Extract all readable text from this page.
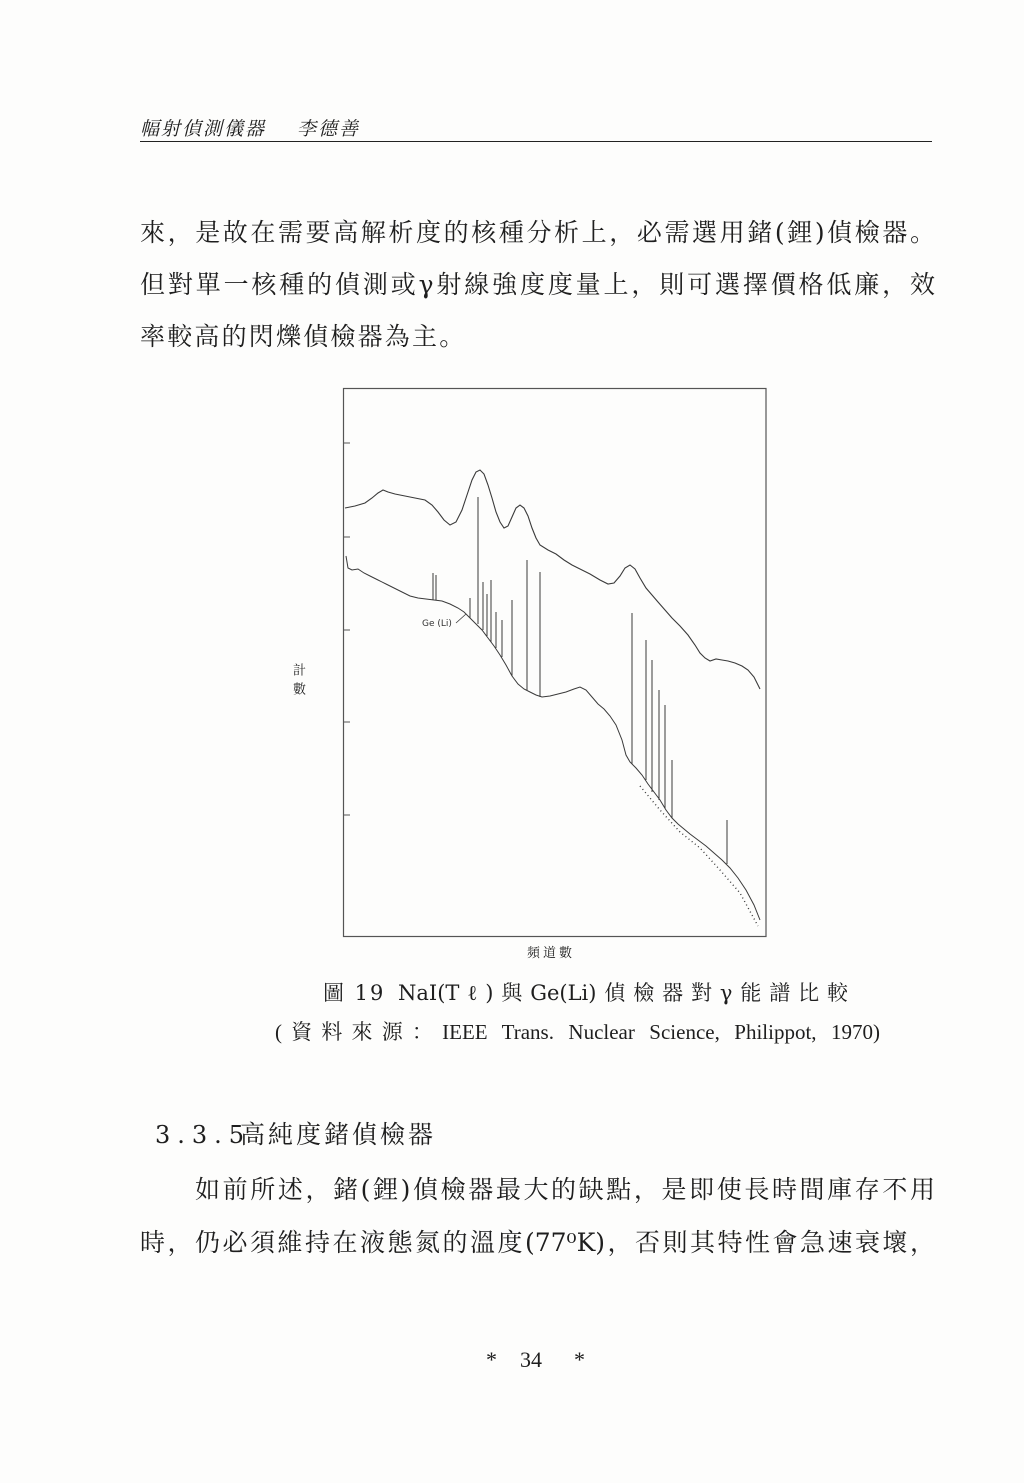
幅射偵測儀器 李德善
來，是故在需要高解析度的核種分析上，必需選用鍺(鋰)偵檢器。
但對單一核種的偵測或γ射線強度度量上，則可選擇價格低廉，效
率較高的閃爍偵檢器為主。
計數
頻道數
Ge (Li)
圖 19 NaI(Tℓ)與Ge(Li)偵檢器對γ能譜比較
(資料來源：IEEE Trans. Nuclear Science, Philippot, 1970)
3.3.5
高純度鍺偵檢器
如前所述，鍺(鋰)偵檢器最大的缺點，是即使長時間庫存不用
時，仍必須維持在液態氮的溫度(77⁰K)，否則其特性會急速衰壞，
* 34 *
